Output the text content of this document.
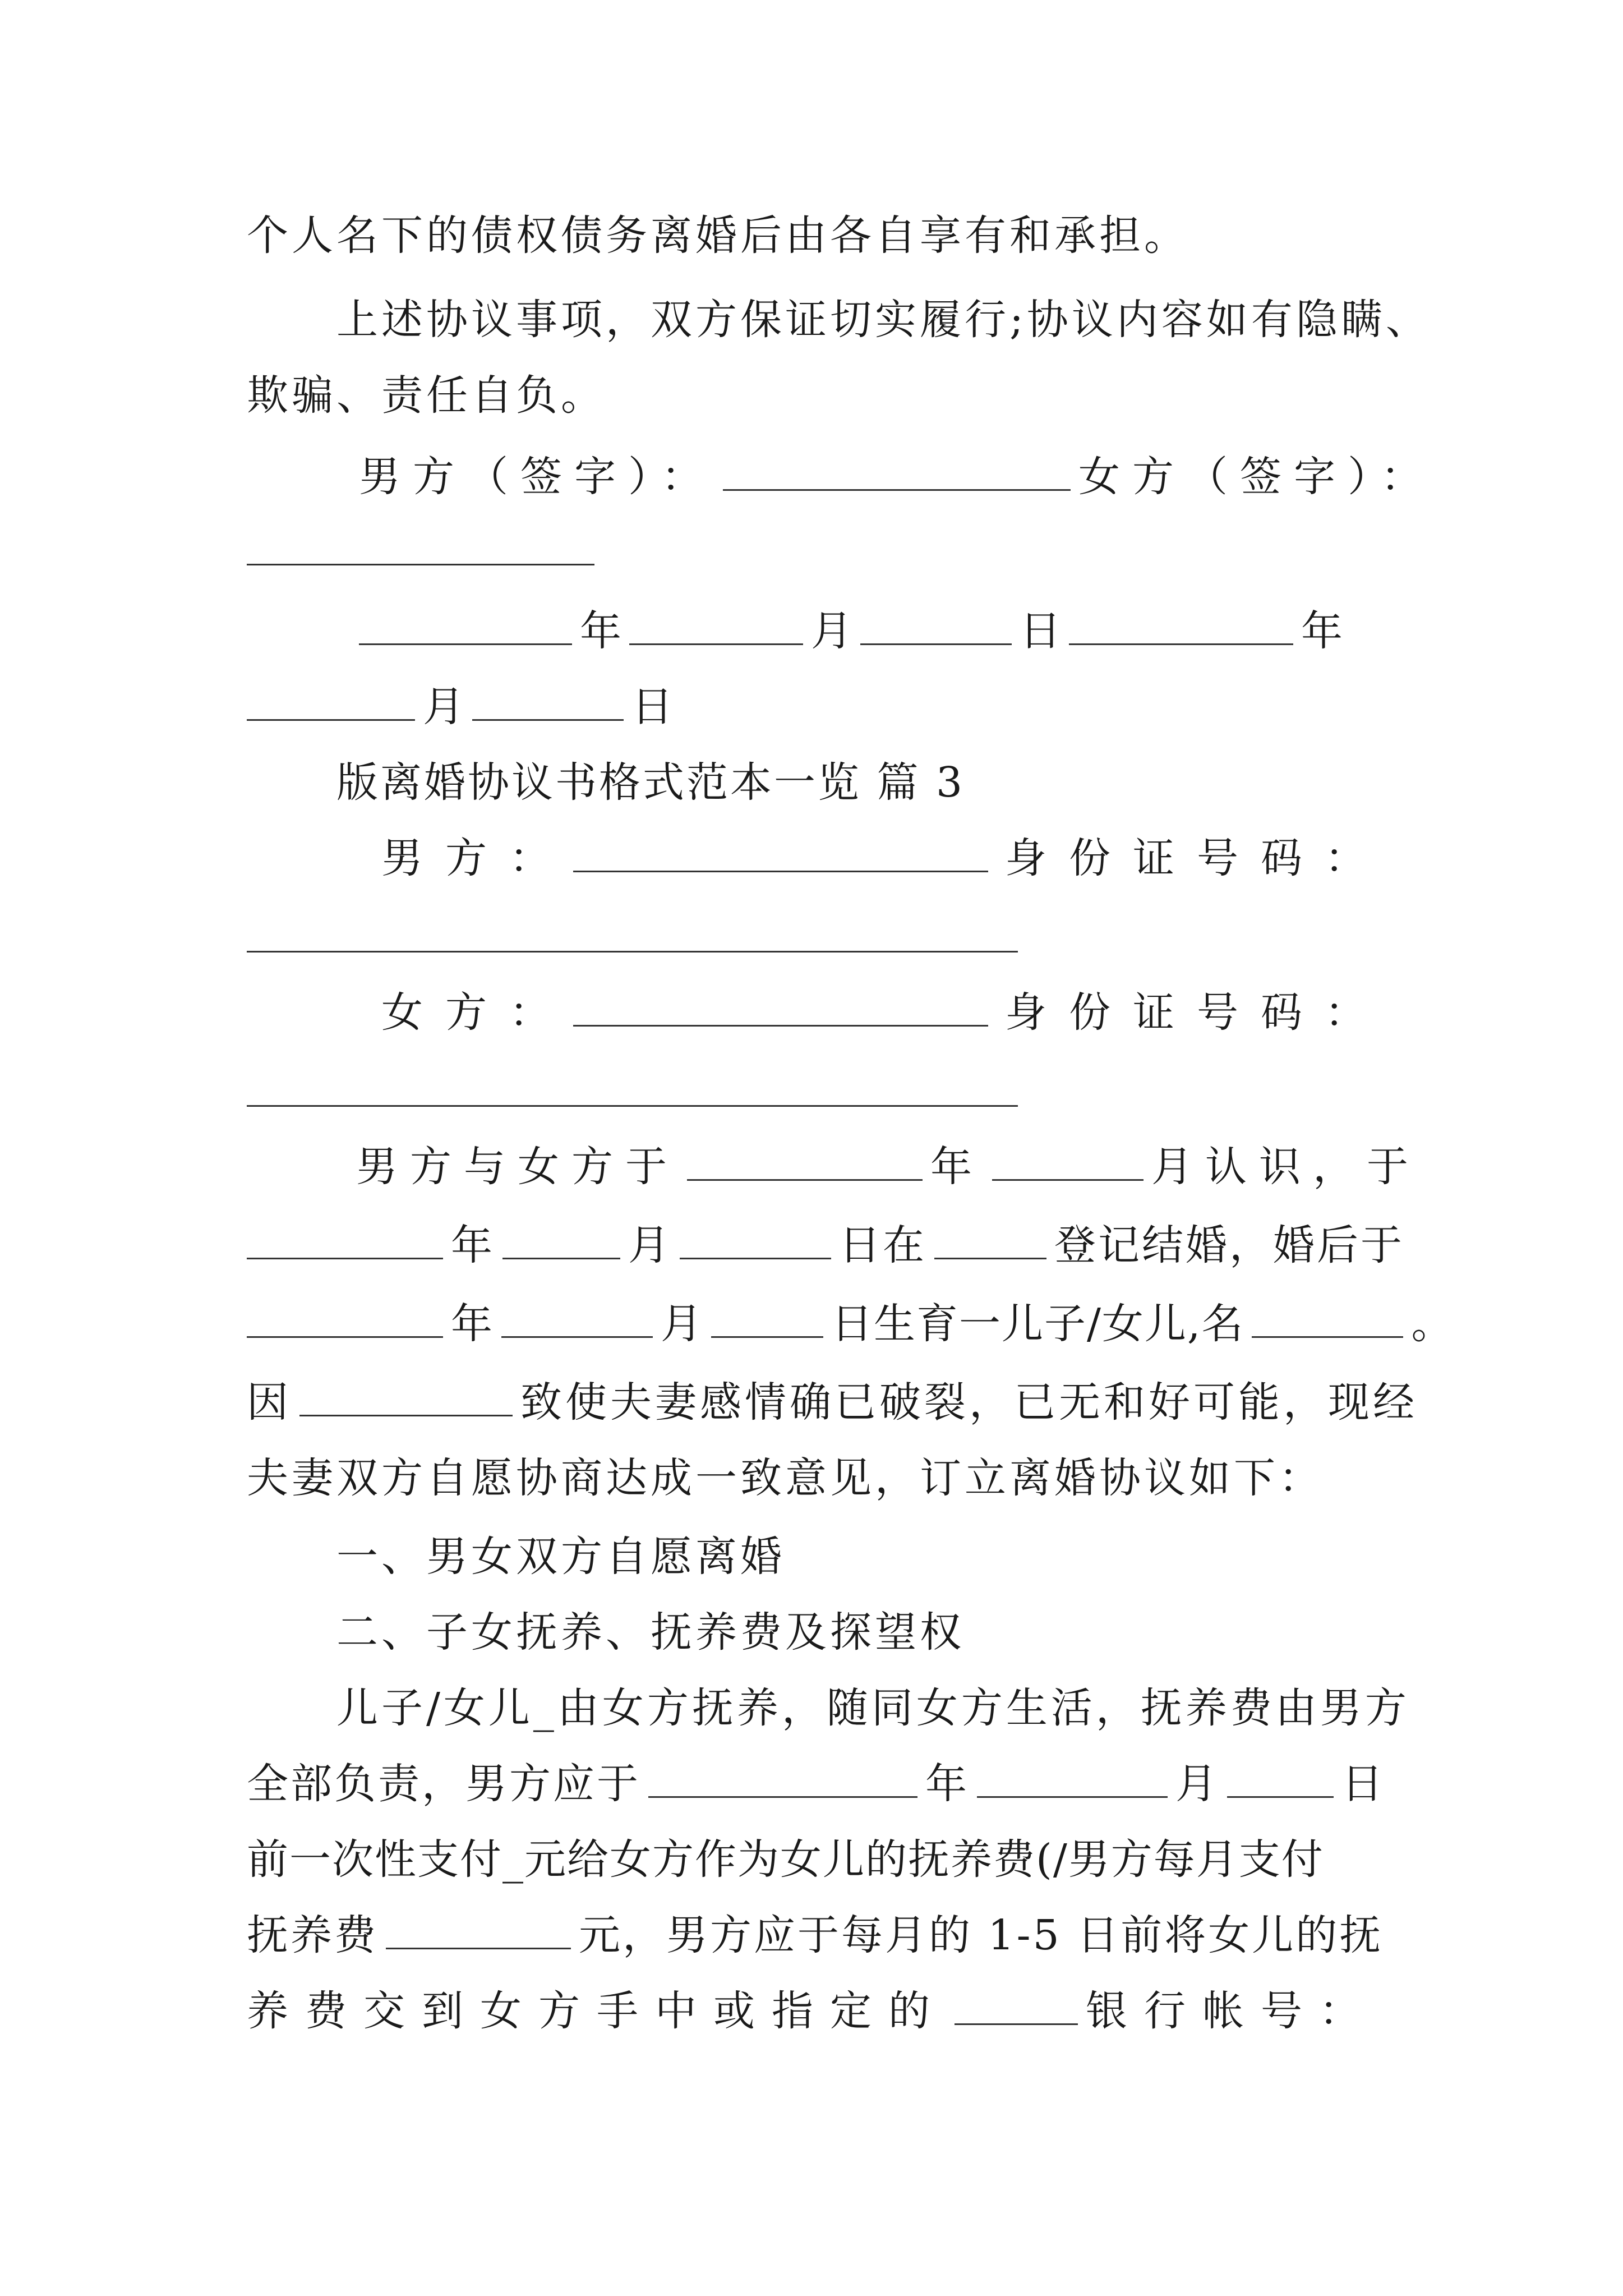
个人名下的债权债务离婚后由各自享有和承担。
上述协议事项，双方保证切实履行;协议内容如有隐瞒、
欺骗、责任自负。
男方（签字）：	女方（签字）：
年	月	日	年
月	日
版离婚协议书格式范本一览 篇 3
男方：	身份证号码：
女方：	身份证号码：
男方与女方于	年	月认识，于
年	月	日在	登记结婚，婚后于
年	月	日生育一儿子/女儿,名	。
因	致使夫妻感情确已破裂，已无和好可能，现经
夫妻双方自愿协商达成一致意见，订立离婚协议如下：
一、男女双方自愿离婚
二、子女抚养、抚养费及探望权
儿子/女儿_由女方抚养，随同女方生活，抚养费由男方
全部负责，男方应于	年	月	日
前一次性支付_元给女方作为女儿的抚养费(/男方每月支付
抚养费	元，男方应于每月的 1-5 日前将女儿的抚
养费交到女方手中或指定的	银行帐号：
